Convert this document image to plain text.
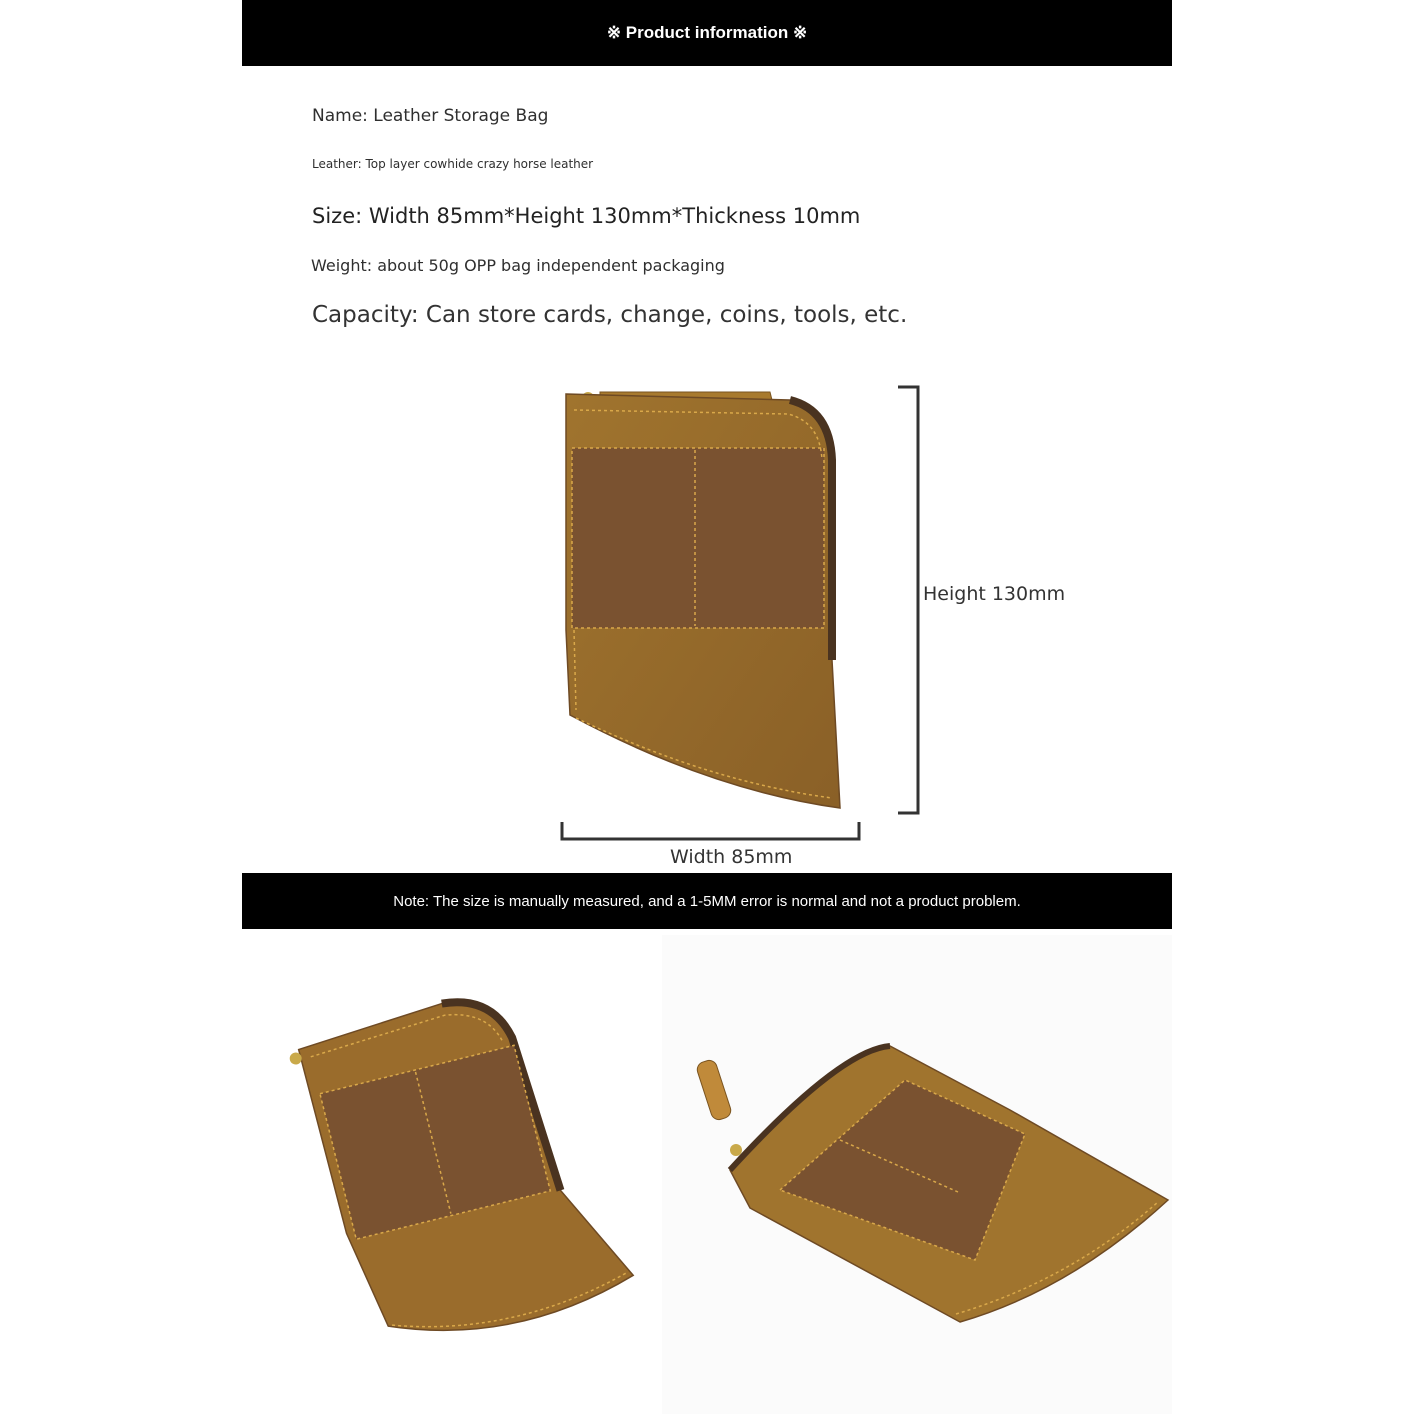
※ Product information ※
Name: Leather Storage Bag
Leather: Top layer cowhide crazy horse leather
Size: Width 85mm*Height 130mm*Thickness 10mm
Weight: about 50g OPP bag independent packaging
Capacity: Can store cards, change, coins, tools, etc.
Height 130mm
Width 85mm
Note: The size is manually measured, and a 1-5MM error is normal and not a product problem.
